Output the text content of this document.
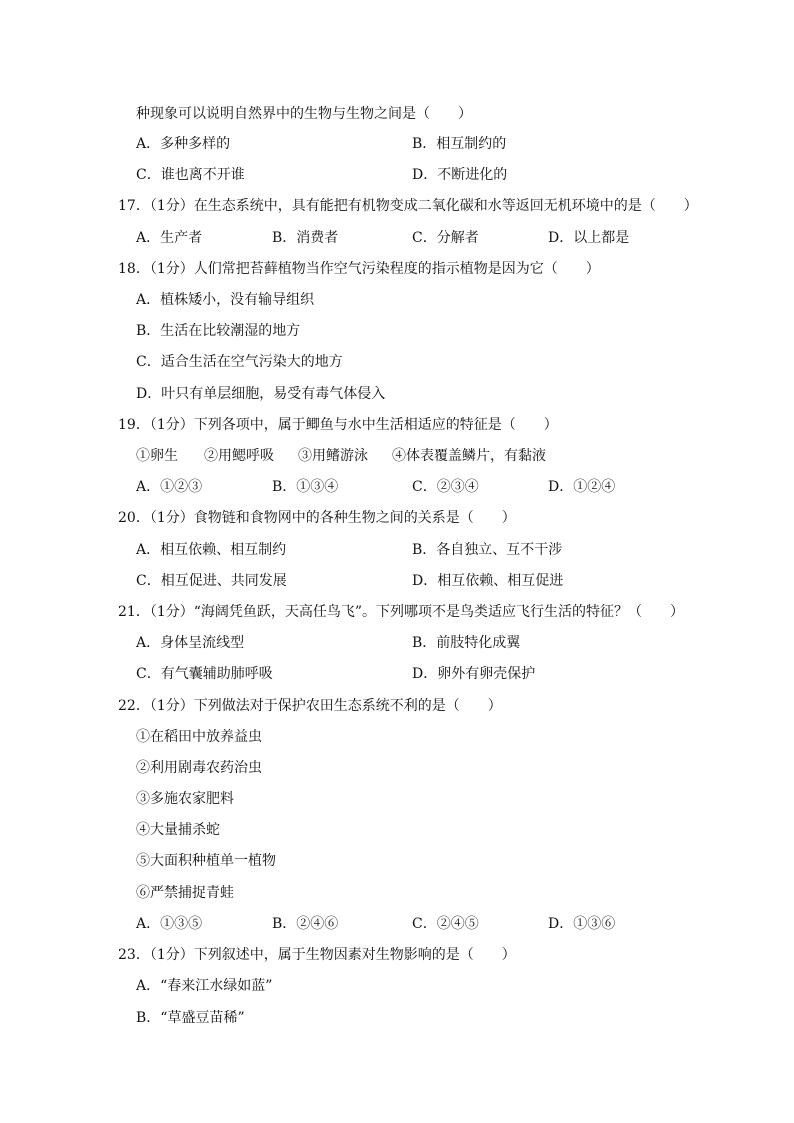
种现象可以说明自然界中的生物与生物之间是（　　）
A．多种多样的	B．相互制约的
C．谁也离不开谁	D．不断进化的
17．（1分）在生态系统中，具有能把有机物变成二氧化碳和水等返回无机环境中的是（　　）
A．生产者	B．消费者	C．分解者	D．以上都是
18．（1分）人们常把苔藓植物当作空气污染程度的指示植物是因为它（　　）
A．植株矮小，没有输导组织
B．生活在比较潮湿的地方
C．适合生活在空气污染大的地方
D．叶只有单层细胞，易受有毒气体侵入
19．（1分）下列各项中，属于鲫鱼与水中生活相适应的特征是（　　）
①卵生 ②用鳃呼吸 ③用鳍游泳 ④体表覆盖鳞片，有黏液
A．①②③	B．①③④	C．②③④	D．①②④
20．（1分）食物链和食物网中的各种生物之间的关系是（　　）
A．相互依赖、相互制约	B．各自独立、互不干涉
C．相互促进、共同发展	D．相互依赖、相互促进
21．（1分）“海阔凭鱼跃，天高任鸟飞”。下列哪项不是鸟类适应飞行生活的特征？（　　）
A．身体呈流线型	B．前肢特化成翼
C．有气囊辅助肺呼吸	D．卵外有卵壳保护
22．（1分）下列做法对于保护农田生态系统不利的是（　　）
①在稻田中放养益虫
②利用剧毒农药治虫
③多施农家肥料
④大量捕杀蛇
⑤大面积种植单一植物
⑥严禁捕捉青蛙
A．①③⑤	B．②④⑥	C．②④⑤	D．①③⑥
23．（1分）下列叙述中，属于生物因素对生物影响的是（　　）
A．“春来江水绿如蓝”
B．“草盛豆苗稀”
